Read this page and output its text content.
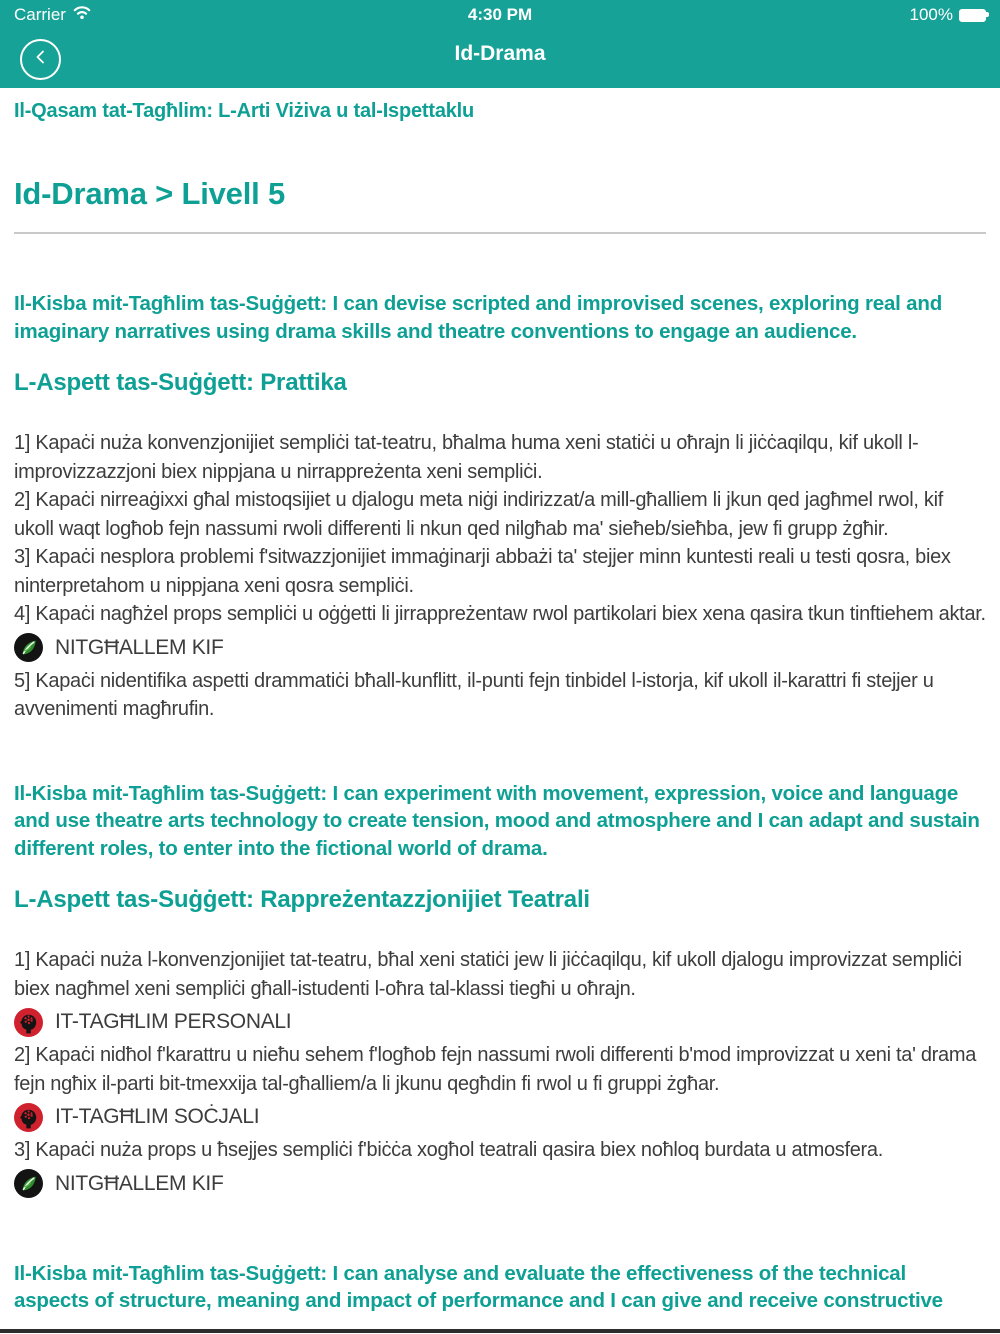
Carrier	4:30 PM	100%
Id-Drama
Il-Qasam tat-Tagħlim: L-Arti Viżiva u tal-Ispettaklu
Id-Drama > Livell 5

Il-Kisba mit-Tagħlim tas-Suġġett: I can devise scripted and improvised scenes, exploring real and imaginary narratives using drama skills and theatre conventions to engage an audience.

L-Aspett tas-Suġġett: Prattika

1] Kapaċi nuża konvenzjonijiet sempliċi tat-teatru, bħalma huma xeni statiċi u oħrajn li jiċċaqilqu, kif ukoll l-improvizzazzjoni biex nippjana u nirrappreżenta xeni sempliċi.

2] Kapaċi nirreaġixxi għal mistoqsijiet u djalogu meta niġi indirizzat/a mill-għalliem li jkun qed jagħmel rwol, kif ukoll waqt logħob fejn nassumi rwoli differenti li nkun qed nilgħab ma' sieħeb/sieħba, jew fi grupp żgħir.

3] Kapaċi nesplora problemi f'sitwazzjonijiet immaġinarji abbażi ta' stejjer minn kuntesti reali u testi qosra, biex ninterpretahom u nippjana xeni qosra sempliċi.

4] Kapaċi nagħżel props sempliċi u oġġetti li jirrappreżentaw rwol partikolari biex xena qasira tkun tinftiehem aktar.

NITGĦALLEM KIF

5] Kapaċi nidentifika aspetti drammatiċi bħall-kunflitt, il-punti fejn tinbidel l-istorja, kif ukoll il-karattri fi stejjer u avvenimenti magħrufin.

Il-Kisba mit-Tagħlim tas-Suġġett: I can experiment with movement, expression, voice and language and use theatre arts technology to create tension, mood and atmosphere and I can adapt and sustain different roles, to enter into the fictional world of drama.

L-Aspett tas-Suġġett: Rappreżentazzjonijiet Teatrali

1] Kapaċi nuża l-konvenzjonijiet tat-teatru, bħal xeni statiċi jew li jiċċaqilqu, kif ukoll djalogu improvizzat sempliċi biex nagħmel xeni sempliċi għall-istudenti l-oħra tal-klassi tiegħi u oħrajn.

IT-TAGĦLIM PERSONALI

2] Kapaċi nidħol f'karattru u nieħu sehem f'logħob fejn nassumi rwoli differenti b'mod improvizzat u xeni ta' drama fejn ngħix il-parti bit-tmexxija tal-għalliem/a li jkunu qegħdin fi rwol u fi gruppi żgħar.

IT-TAGĦLIM SOĊJALI

3] Kapaċi nuża props u ħsejjes sempliċi f'biċċa xogħol teatrali qasira biex noħloq burdata u atmosfera.

NITGĦALLEM KIF

Il-Kisba mit-Tagħlim tas-Suġġett: I can analyse and evaluate the effectiveness of the technical aspects of structure, meaning and impact of performance and I can give and receive constructive
